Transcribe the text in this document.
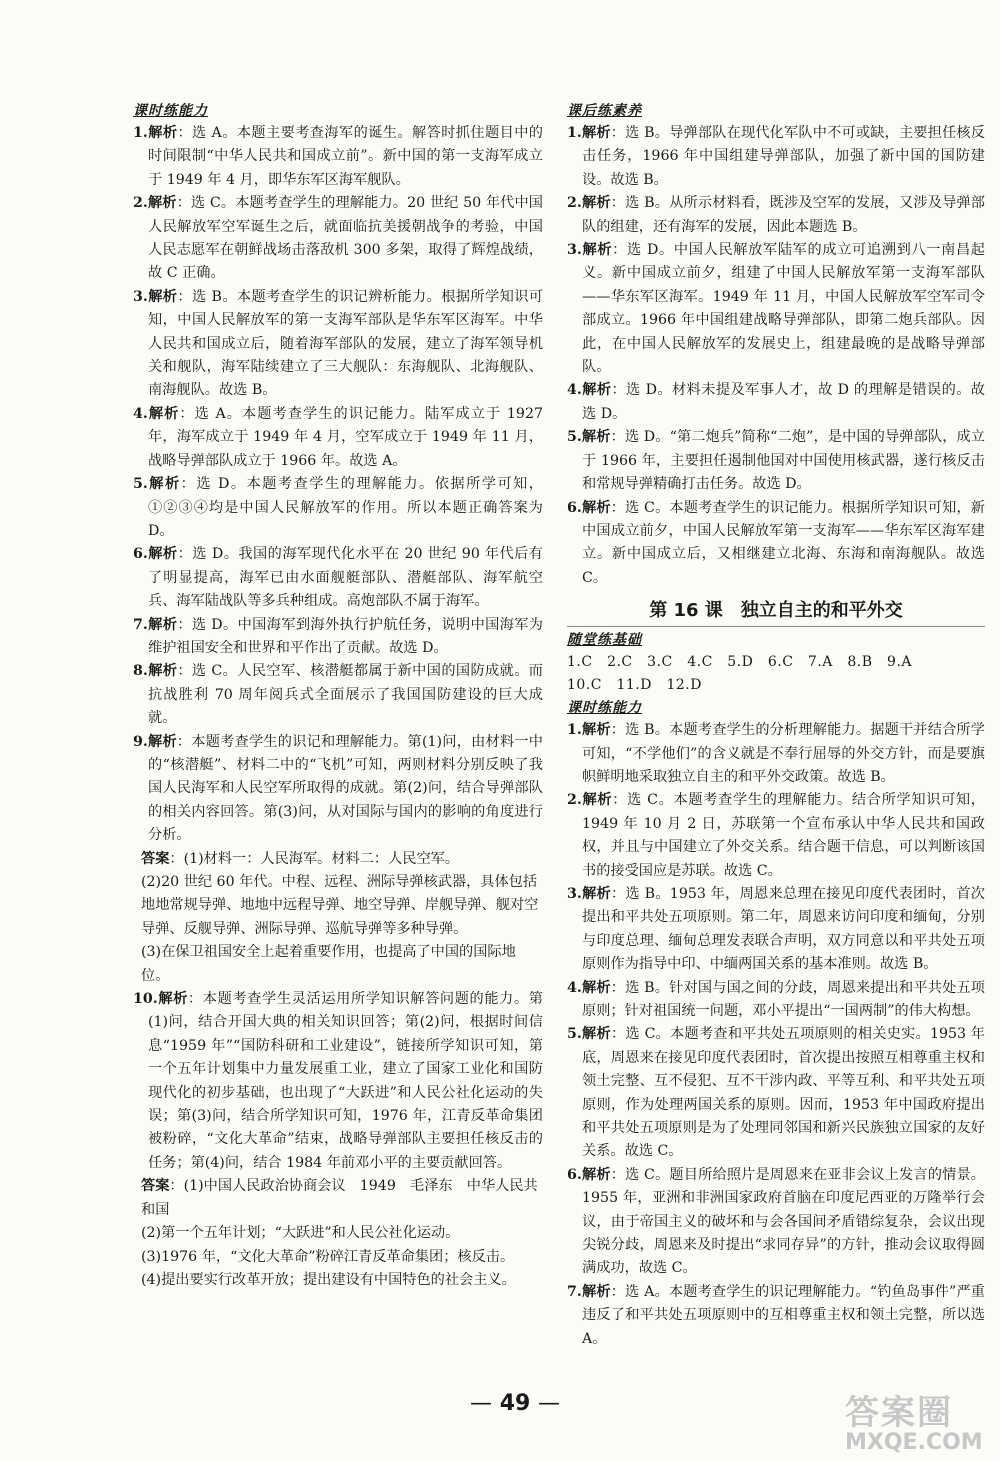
课时练能力
1.解析：选 A。本题主要考查海军的诞生。解答时抓住题目中的时间限制“中华人民共和国成立前”。新中国的第一支海军成立于 1949 年 4 月，即华东军区海军舰队。
2.解析：选 C。本题考查学生的理解能力。20 世纪 50 年代中国人民解放军空军诞生之后，就面临抗美援朝战争的考验，中国人民志愿军在朝鲜战场击落敌机 300 多架，取得了辉煌战绩，故 C 正确。
3.解析：选 B。本题考查学生的识记辨析能力。根据所学知识可知，中国人民解放军的第一支海军部队是华东军区海军。中华人民共和国成立后，随着海军部队的发展，建立了海军领导机关和舰队，海军陆续建立了三大舰队：东海舰队、北海舰队、南海舰队。故选 B。
4.解析：选 A。本题考查学生的识记能力。陆军成立于 1927 年，海军成立于 1949 年 4 月，空军成立于 1949 年 11 月，战略导弹部队成立于 1966 年。故选 A。
5.解析：选 D。本题考查学生的理解能力。依据所学可知，①②③④均是中国人民解放军的作用。所以本题正确答案为 D。
6.解析：选 D。我国的海军现代化水平在 20 世纪 90 年代后有了明显提高，海军已由水面舰艇部队、潜艇部队、海军航空兵、海军陆战队等多兵种组成。高炮部队不属于海军。
7.解析：选 D。中国海军到海外执行护航任务，说明中国海军为维护祖国安全和世界和平作出了贡献。故选 D。
8.解析：选 C。人民空军、核潜艇都属于新中国的国防成就。而抗战胜利 70 周年阅兵式全面展示了我国国防建设的巨大成就。
9.解析：本题考查学生的识记和理解能力。第(1)问，由材料一中的“核潜艇”、材料二中的“飞机”可知，两则材料分别反映了我国人民海军和人民空军所取得的成就。第(2)问，结合导弹部队的相关内容回答。第(3)问，从对国际与国内的影响的角度进行分析。
答案：(1)材料一：人民海军。材料二：人民空军。
(2)20 世纪 60 年代。中程、远程、洲际导弹核武器，具体包括地地常规导弹、地地中远程导弹、地空导弹、岸舰导弹、舰对空导弹、反舰导弹、洲际导弹、巡航导弹等多种导弹。
(3)在保卫祖国安全上起着重要作用，也提高了中国的国际地位。
10.解析：本题考查学生灵活运用所学知识解答问题的能力。第(1)问，结合开国大典的相关知识回答；第(2)问，根据时间信息“1959 年”“国防科研和工业建设”，链接所学知识可知，第一个五年计划集中力量发展重工业，建立了国家工业化和国防现代化的初步基础，也出现了“大跃进”和人民公社化运动的失误；第(3)问，结合所学知识可知，1976 年，江青反革命集团被粉碎，“文化大革命”结束，战略导弹部队主要担任核反击的任务；第(4)问，结合 1984 年前邓小平的主要贡献回答。
答案：(1)中国人民政治协商会议　1949　毛泽东　中华人民共和国
(2)第一个五年计划；“大跃进”和人民公社化运动。
(3)1976 年，“文化大革命”粉碎江青反革命集团；核反击。
(4)提出要实行改革开放；提出建设有中国特色的社会主义。
课后练素养
1.解析：选 B。导弹部队在现代化军队中不可或缺，主要担任核反击任务，1966 年中国组建导弹部队，加强了新中国的国防建设。故选 B。
2.解析：选 B。从所示材料看，既涉及空军的发展，又涉及导弹部队的组建，还有海军的发展，因此本题选 B。
3.解析：选 D。中国人民解放军陆军的成立可追溯到八一南昌起义。新中国成立前夕，组建了中国人民解放军第一支海军部队——华东军区海军。1949 年 11 月，中国人民解放军空军司令部成立。1966 年中国组建战略导弹部队，即第二炮兵部队。因此，在中国人民解放军的发展史上，组建最晚的是战略导弹部队。
4.解析：选 D。材料未提及军事人才，故 D 的理解是错误的。故选 D。
5.解析：选 D。“第二炮兵”简称“二炮”，是中国的导弹部队，成立于 1966 年，主要担任遏制他国对中国使用核武器，遂行核反击和常规导弹精确打击任务。故选 D。
6.解析：选 C。本题考查学生的识记能力。根据所学知识可知，新中国成立前夕，中国人民解放军第一支海军——华东军区海军建立。新中国成立后，又相继建立北海、东海和南海舰队。故选 C。
第 16 课　独立自主的和平外交
随堂练基础
1.C　2.C　3.C　4.C　5.D　6.C　7.A　8.B　9.A
10.C　11.D　12.D
课时练能力
1.解析：选 B。本题考查学生的分析理解能力。据题干并结合所学可知，“不学他们”的含义就是不奉行屈辱的外交方针，而是要旗帜鲜明地采取独立自主的和平外交政策。故选 B。
2.解析：选 C。本题考查学生的理解能力。结合所学知识可知，1949 年 10 月 2 日，苏联第一个宣布承认中华人民共和国政权，并且与中国建立了外交关系。结合题干信息，可以判断该国书的接受国应是苏联。故选 C。
3.解析：选 B。1953 年，周恩来总理在接见印度代表团时，首次提出和平共处五项原则。第二年，周恩来访问印度和缅甸，分别与印度总理、缅甸总理发表联合声明，双方同意以和平共处五项原则作为指导中印、中缅两国关系的基本准则。故选 B。
4.解析：选 B。针对国与国之间的分歧，周恩来提出和平共处五项原则；针对祖国统一问题，邓小平提出“一国两制”的伟大构想。
5.解析：选 C。本题考查和平共处五项原则的相关史实。1953 年底，周恩来在接见印度代表团时，首次提出按照互相尊重主权和领土完整、互不侵犯、互不干涉内政、平等互利、和平共处五项原则，作为处理两国关系的原则。因而，1953 年中国政府提出和平共处五项原则是为了处理同邻国和新兴民族独立国家的友好关系。故选 C。
6.解析：选 C。题目所给照片是周恩来在亚非会议上发言的情景。1955 年，亚洲和非洲国家政府首脑在印度尼西亚的万隆举行会议，由于帝国主义的破坏和与会各国间矛盾错综复杂，会议出现尖锐分歧，周恩来及时提出“求同存异”的方针，推动会议取得圆满成功，故选 C。
7.解析：选 A。本题考查学生的识记理解能力。“钓鱼岛事件”严重违反了和平共处五项原则中的互相尊重主权和领土完整，所以选 A。
— 49 —	答案圈
MXQE.COM
